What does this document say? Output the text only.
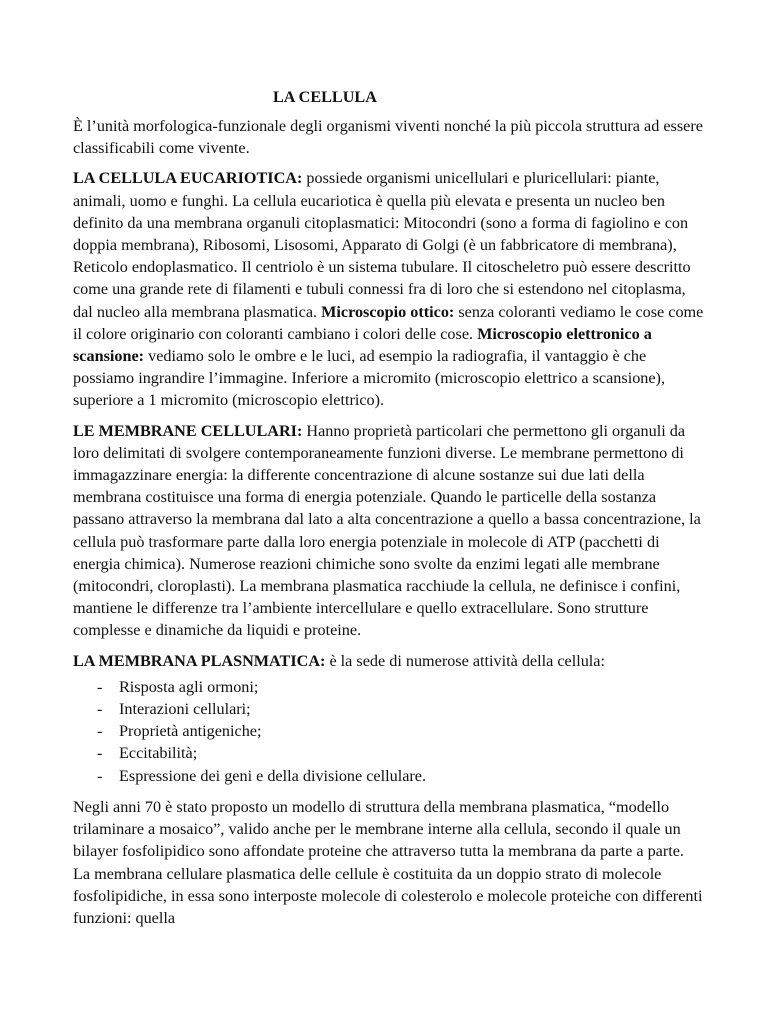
LA CELLULA

È l’unità morfologica-funzionale degli organismi viventi nonché la più piccola struttura ad essere classificabili come vivente.

LA CELLULA EUCARIOTICA: possiede organismi unicellulari e pluricellulari: piante, animali, uomo e funghi. La cellula eucariotica è quella più elevata e presenta un nucleo ben definito da una membrana organuli citoplasmatici: Mitocondri (sono a forma di fagiolino e con doppia membrana), Ribosomi, Lisosomi, Apparato di Golgi (è un fabbricatore di membrana), Reticolo endoplasmatico. Il centriolo è un sistema tubulare. Il citoscheletro può essere descritto come una grande rete di filamenti e tubuli connessi fra di loro che si estendono nel citoplasma, dal nucleo alla membrana plasmatica. Microscopio ottico: senza coloranti vediamo le cose come il colore originario con coloranti cambiano i colori delle cose. Microscopio elettronico a scansione: vediamo solo le ombre e le luci, ad esempio la radiografia, il vantaggio è che possiamo ingrandire l’immagine. Inferiore a micromito (microscopio elettrico a scansione), superiore a 1 micromito (microscopio elettrico).

LE MEMBRANE CELLULARI: Hanno proprietà particolari che permettono gli organuli da loro delimitati di svolgere contemporaneamente funzioni diverse. Le membrane permettono di immagazzinare energia: la differente concentrazione di alcune sostanze sui due lati della membrana costituisce una forma di energia potenziale. Quando le particelle della sostanza passano attraverso la membrana dal lato a alta concentrazione a quello a bassa concentrazione, la cellula può trasformare parte dalla loro energia potenziale in molecole di ATP (pacchetti di energia chimica). Numerose reazioni chimiche sono svolte da enzimi legati alle membrane (mitocondri, cloroplasti). La membrana plasmatica racchiude la cellula, ne definisce i confini, mantiene le differenze tra l’ambiente intercellulare e quello extracellulare. Sono strutture complesse e dinamiche da liquidi e proteine.

LA MEMBRANA PLASNMATICA: è la sede di numerose attività della cellula:

- Risposta agli ormoni;
- Interazioni cellulari;
- Proprietà antigeniche;
- Eccitabilità;
- Espressione dei geni e della divisione cellulare.

Negli anni 70 è stato proposto un modello di struttura della membrana plasmatica, “modello trilaminare a mosaico”, valido anche per le membrane interne alla cellula, secondo il quale un bilayer fosfolipidico sono affondate proteine che attraverso tutta la membrana da parte a parte. La membrana cellulare plasmatica delle cellule è costituita da un doppio strato di molecole fosfolipidiche, in essa sono interposte molecole di colesterolo e molecole proteiche con differenti funzioni: quella
